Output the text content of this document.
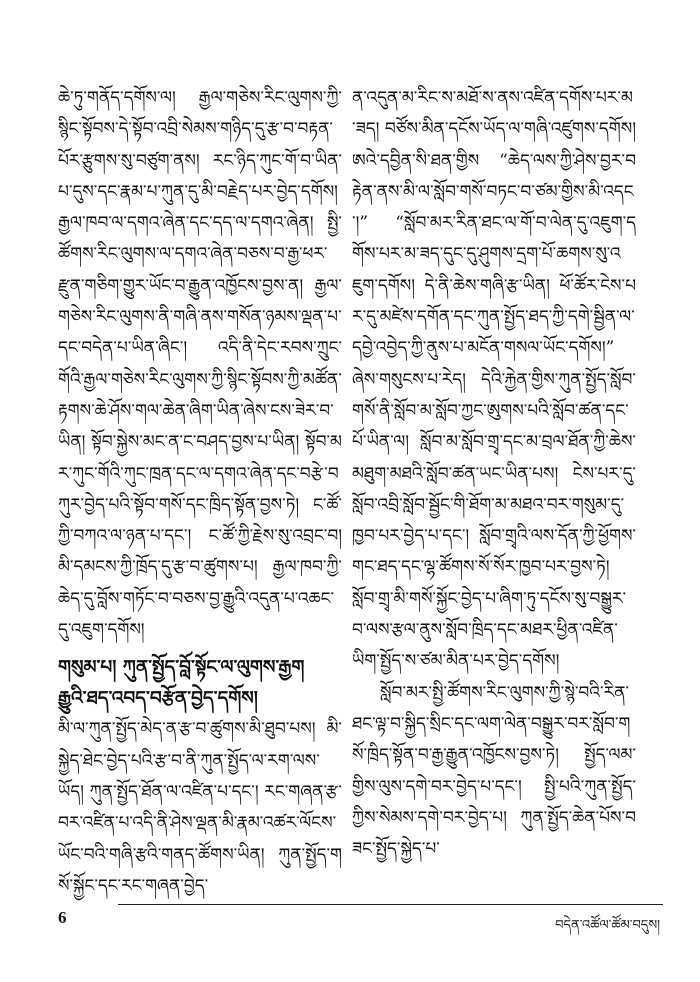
ཆེ་ཏུ་གནོད་དགོས་ལ། རྒྱལ་གཅེས་རིང་ལུགས་ཀྱི་སྙིང་སྟོབས་དེ་སྟོབ་འབྲི་སེམས་གཉིད་དུ་རྩ་བ་བརྟན་པོར་རྩུགས་སུ་བཙུག་ནས། རང་ཉིད་ཀུང་གོ་བ་ཡིན་པ་དུས་དང་རྣམ་པ་ཀུན་དུ་མི་བརྗེད་པར་བྱེད་དགོས། རྒྱལ་ཁབ་ལ་དགའ་ཞེན་དང་དད་ལ་དགའ་ཞེན། སྤྱི་ཚོགས་རིང་ལུགས་ལ་དགའ་ཞེན་བཅས་བ་རྒྱ་ཕར་རྫུན་གཅིག་གྱུར་ཡོང་བ་རྒྱུན་འཁྱོངས་བྱས་ན། རྒྱལ་གཅེས་རིང་ལུགས་ནི་གཞི་ནས་གསོན་ཉམས་ལྡན་པ་དང་བདེན་པ་ཡིན་ཞིང་། འདི་ནི་དེང་རབས་ཀྲུང་གོའི་རྒྱལ་གཅེས་རིང་ལུགས་ཀྱི་སྙིང་སྟོབས་ཀྱི་མཚོན་རྟགས་ཆེ་ཤོས་གལ་ཆེན་ཞིག་ཡིན་ཞེས་ངས་ཟེར་བ་ཡིན། སྟོབ་སྐྱེས་མང་ན་ང་བཤད་བྱས་པ་ཡིན། སྟོབ་མར་ཀུང་གོའི་ཀུང་ཁྲན་དང་ལ་དགའ་ཞེན་དང་བརྩེ་བཀུར་བྱེད་པའི་སྟོབ་གསོ་དང་ཁྲིད་སྟོན་བྱས་ཏེ། ང་ཚོ་ཀྱི་བཀའ་ལ་ཉན་པ་དང་། ང་ཚོ་ཀྱི་རྗེས་སུ་འབྲང་བ། མི་དམངས་ཀྱི་ཁྲོད་དུ་རྩ་བ་ཚུགས་པ། རྒྱལ་ཁབ་ཀྱི་ཆེད་དུ་བློས་གཏོང་བ་བཅས་བྱ་རྒྱུའི་འདུན་པ་འཆང་དུ་འཇུག་དགོས།

གསུམ་པ། ཀུན་སྤྱོད་བློ་སྟོང་ལ་ལུགས་རྒྱག
རྒྱུའི་ཐད་འབད་བརྩོན་བྱེད་དགོས།

མི་ལ་ཀུན་སྤྱོད་མེད་ན་རྩ་བ་ཚུགས་མི་ཐུབ་པས། མི་སྐྱེད་ཐེང་བྱེད་པའི་རྩ་བ་ནི་ཀུན་སྤྱོད་ལ་རག་ལས་ཡོད། ཀུན་སྤྱོད་ཐོན་ལ་འཛིན་པ་དང་། རང་གཞན་རྩ་བར་འཛིན་པ་འདི་ནི་ཤེས་ལྡན་མི་རྣམ་འཚར་ལོངས་ཡོང་བའི་གཞི་རྩའི་གནད་ཚོགས་ཡིན། ཀུན་སྤྱོད་གསོ་སྐྱོང་དང་རང་གཞན་བྱེད་

ན་འདུན་མ་རིང་ས་མཐོ་ས་ནས་འཛིན་དགོས་པར་མ་ཟད། བཙོས་མིན་དངོས་ཡོད་ལ་གཞི་འཛུགས་དགོས། ཨའེ་དབྱིན་སི་ཐན་གྱིས “ཆེད་ལས་ཀྱི་ཤེས་བྱར་བརྟེན་ནས་མི་ལ་སློབ་གསོ་བཏང་བ་ཙམ་གྱིས་མི་འདང་།” “སློབ་མར་རིན་ཐང་ལ་གོ་བ་ལེན་དུ་འཇུག་དགོས་པར་མ་ཟད་དུང་དུ་ཤུགས་དྲག་པོ་ཆགས་སུ་འཇུག་དགོས། དེ་ནི་ཆེས་གཞི་རྩ་ཡིན། ཕོ་ཚོར་ངེས་པར་དུ་མཛེས་དགོན་དང་ཀུན་སྤྱོད་ཐད་ཀྱི་དགེ་སྦྱིན་ལ་དབྱེ་འབྱེད་ཀྱི་ནུས་པ་མངོན་གསལ་ཡོང་དགོས།” ཞེས་གསུངས་པ་རེད། དེའི་རྐྱེན་གྱིས་ཀུན་སྤྱོད་སློབ་གསོ་ནི་སློབ་མ་སློབ་ཀྱང་ཨུགས་པའི་སློབ་ཚན་དང་པོ་ཡིན་ལ། སློབ་མ་སློབ་གྲྭ་དང་མ་བྲལ་ཐོན་ཀྱི་ཆེས་མཐུག་མཐའི་སློབ་ཚན་ཡང་ཡིན་པས། ངེས་པར་དུ་སློབ་འབྲི་སློབ་སྦྱོང་གི་ཐོག་མ་མཐའ་བར་གསུམ་དུ་ཁྱབ་པར་བྱེད་པ་དང་། སློབ་གྲྭའི་ལས་དོན་ཀྱི་ཕྱོགས་གང་ཐད་དང་ལྷ་ཚོགས་སོ་སོར་ཁྱབ་པར་བྱས་ཏེ། སློབ་གྲྭ་མི་གསོ་སྐྱོང་བྱེད་པ་ཞིག་ཏུ་དངོས་སུ་བསྒྱུར་བ་ལས་རྩལ་ནུས་སློབ་ཁྲིད་དང་མཐར་ཕྱིན་འཛིན་ཡིག་སྤྱོད་ས་ཙམ་མིན་པར་བྱེད་དགོས།

སློབ་མར་སྤྱི་ཚོགས་རིང་ལུགས་ཀྱི་སྙེ་བའི་རིན་ཐང་ལྟ་བ་སྐྱིད་སྲིང་དང་ལག་ལེན་བསྒྱུར་བར་སློབ་གསོ་ཁྲིད་སྟོན་བ་རྒྱ་རྒྱུན་འཁྱོངས་བྱས་ཏེ། སྤྱོད་ལམ་གྱིས་ལུས་དགེ་བར་བྱེད་པ་དང་། སྤྱི་པའི་ཀུན་སྤྱོད་ཀྱིས་སེམས་དགེ་བར་བྱེད་པ། ཀུན་སྤྱོད་ཆེན་པོས་བཟང་སྤྱོད་སྐྱེད་པ་

6	བདེན་འཚོལ་ཚོམ་བདུས།
